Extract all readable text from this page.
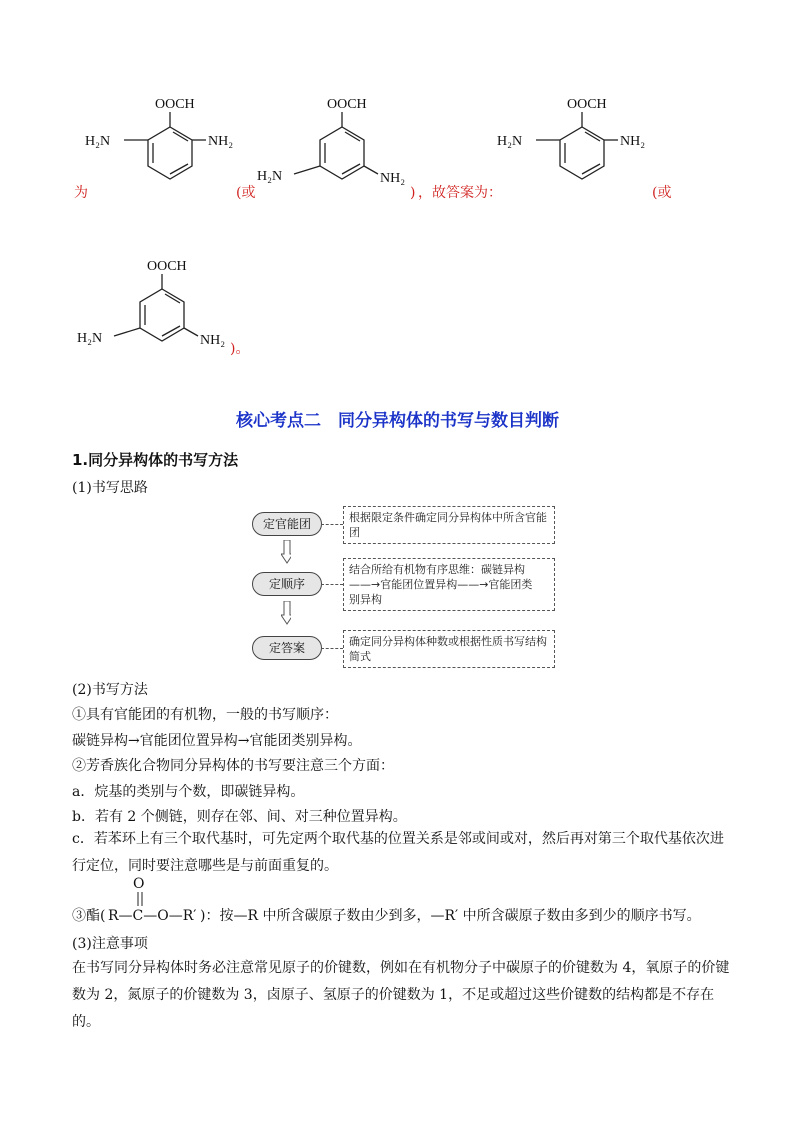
OOCH
H₂N	NH₂
OOCH
H₂N	NH₂
OOCH
H₂N	NH₂
OOCH
H₂N	NH₂
为	(或	) ，故答案为：	(或
)。
核心考点二　同分异构体的书写与数目判断
1.同分异构体的书写方法
(1)书写思路
定官能团	根据限定条件确定同分异构体中所含官能团
定顺序
结合所给有机物有序思维：碳链异构
——→官能团位置异构——→官能团类
别异构
定答案	确定同分异构体种数或根据性质书写结构简式
(2)书写方法
①具有官能团的有机物，一般的书写顺序：
碳链异构→官能团位置异构→官能团类别异构。
②芳香族化合物同分异构体的书写要注意三个方面：
a．烷基的类别与个数，即碳链异构。
b．若有 2 个侧链，则存在邻、间、对三种位置异构。
c．若苯环上有三个取代基时，可先定两个取代基的位置关系是邻或间或对，然后再对第三个取代基依次进行定位，同时要注意哪些是与前面重复的。
③酯(
O
R—C—O—R′ )：按—R 中所含碳原子数由少到多，—R′ 中所含碳原子数由多到少的顺序书写。
(3)注意事项
在书写同分异构体时务必注意常见原子的价键数，例如在有机物分子中碳原子的价键数为 4，氧原子的价键数为 2，氮原子的价键数为 3，卤原子、氢原子的价键数为 1，不足或超过这些价键数的结构都是不存在的。
